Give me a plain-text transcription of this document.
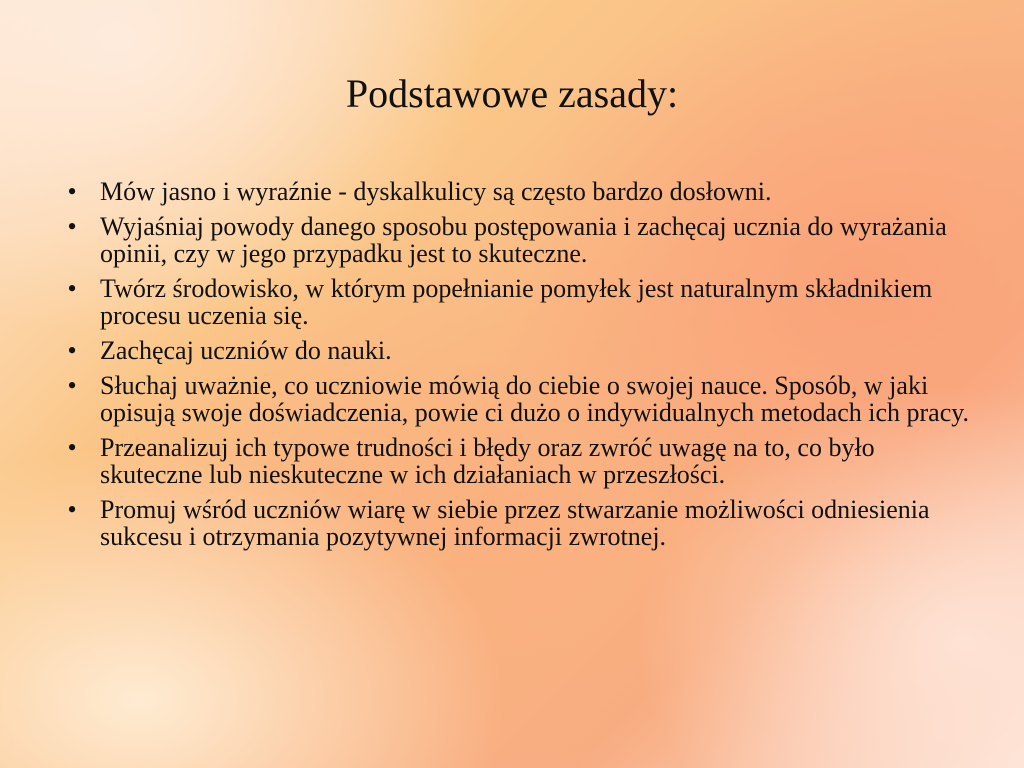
Podstawowe zasady:
• Mów jasno i wyraźnie - dyskalkulicy są często bardzo dosłowni.
• Wyjaśniaj powody danego sposobu postępowania i zachęcaj ucznia do wyrażania opinii, czy w jego przypadku jest to skuteczne.
• Twórz środowisko, w którym popełnianie pomyłek jest naturalnym składnikiem procesu uczenia się.
• Zachęcaj uczniów do nauki.
• Słuchaj uważnie, co uczniowie mówią do ciebie o swojej nauce. Sposób, w jaki opisują swoje doświadczenia, powie ci dużo o indywidualnych metodach ich pracy.
• Przeanalizuj ich typowe trudności i błędy oraz zwróć uwagę na to, co było skuteczne lub nieskuteczne w ich działaniach w przeszłości.
• Promuj wśród uczniów wiarę w siebie przez stwarzanie możliwości odniesienia sukcesu i otrzymania pozytywnej informacji zwrotnej.
